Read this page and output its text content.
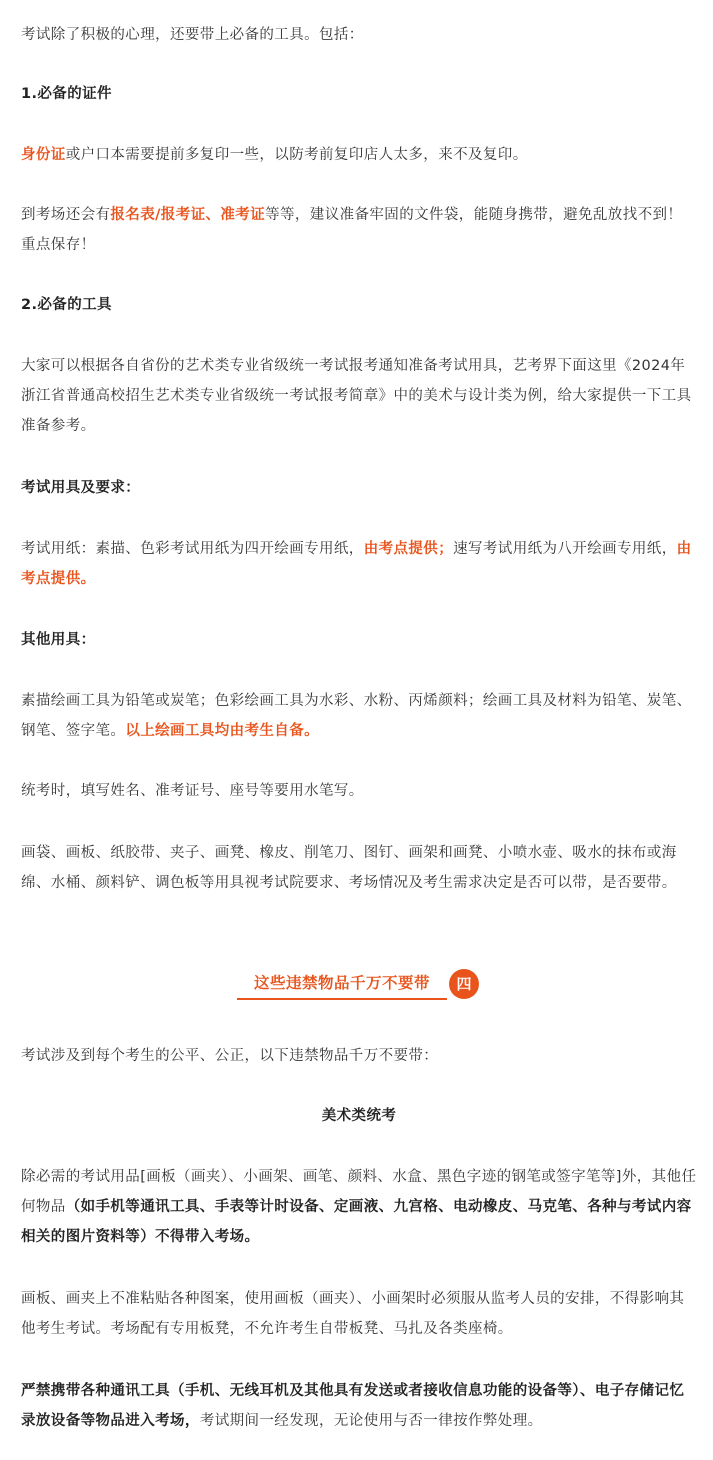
考试除了积极的心理，还要带上必备的工具。包括：

1.必备的证件

身份证或户口本需要提前多复印一些，以防考前复印店人太多，来不及复印。

到考场还会有报名表/报考证、准考证等等，建议准备牢固的文件袋，能随身携带，避免乱放找不到！重点保存！

2.必备的工具

大家可以根据各自省份的艺术类专业省级统一考试报考通知准备考试用具，艺考界下面这里《2024年浙江省普通高校招生艺术类专业省级统一考试报考简章》中的美术与设计类为例，给大家提供一下工具准备参考。

考试用具及要求：

考试用纸：素描、色彩考试用纸为四开绘画专用纸，由考点提供；速写考试用纸为八开绘画专用纸，由考点提供。

其他用具：

素描绘画工具为铅笔或炭笔；色彩绘画工具为水彩、水粉、丙烯颜料；绘画工具及材料为铅笔、炭笔、钢笔、签字笔。以上绘画工具均由考生自备。

统考时，填写姓名、准考证号、座号等要用水笔写。

画袋、画板、纸胶带、夹子、画凳、橡皮、削笔刀、图钉、画架和画凳、小喷水壶、吸水的抹布或海绵、水桶、颜料铲、调色板等用具视考试院要求、考场情况及考生需求决定是否可以带，是否要带。

这些违禁物品千万不要带	四

考试涉及到每个考生的公平、公正，以下违禁物品千万不要带：

美术类统考

除必需的考试用品[画板（画夹）、小画架、画笔、颜料、水盒、黑色字迹的钢笔或签字笔等]外，其他任何物品（如手机等通讯工具、手表等计时设备、定画液、九宫格、电动橡皮、马克笔、各种与考试内容相关的图片资料等）不得带入考场。

画板、画夹上不准粘贴各种图案，使用画板（画夹）、小画架时必须服从监考人员的安排，不得影响其他考生考试。考场配有专用板凳，不允许考生自带板凳、马扎及各类座椅。

严禁携带各种通讯工具（手机、无线耳机及其他具有发送或者接收信息功能的设备等）、电子存储记忆录放设备等物品进入考场，考试期间一经发现，无论使用与否一律按作弊处理。
